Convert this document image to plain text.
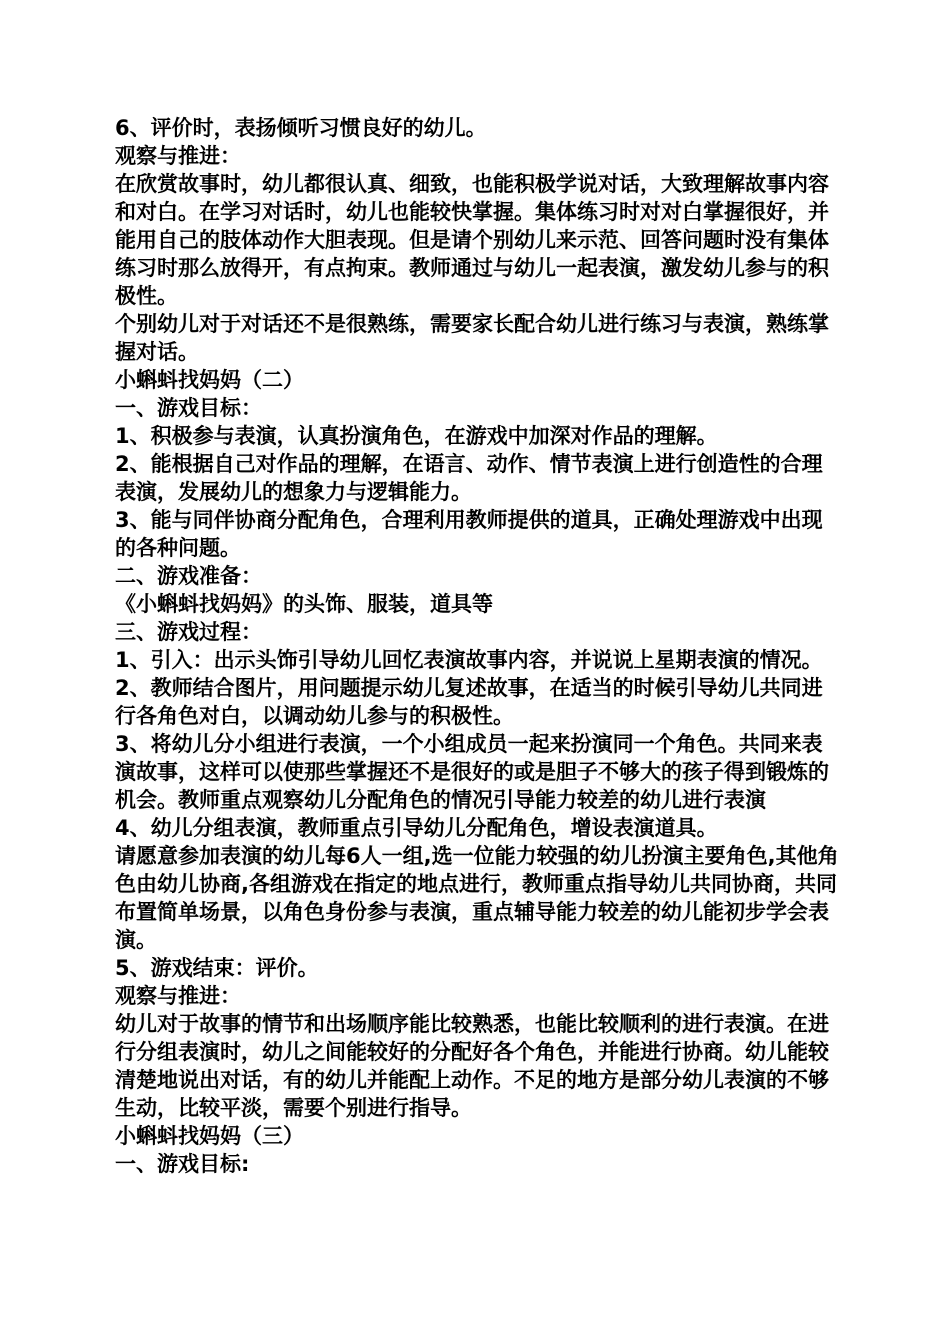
6、评价时，表扬倾听习惯良好的幼儿。

观察与推进：

在欣赏故事时，幼儿都很认真、细致，也能积极学说对话，大致理解故事内容和对白。在学习对话时，幼儿也能较快掌握。集体练习时对对白掌握很好，并能用自己的肢体动作大胆表现。但是请个别幼儿来示范、回答问题时没有集体练习时那么放得开，有点拘束。教师通过与幼儿一起表演，激发幼儿参与的积极性。

个别幼儿对于对话还不是很熟练，需要家长配合幼儿进行练习与表演，熟练掌握对话。

小蝌蚪找妈妈（二）

一、游戏目标：

1、积极参与表演，认真扮演角色，在游戏中加深对作品的理解。

2、能根据自己对作品的理解，在语言、动作、情节表演上进行创造性的合理表演，发展幼儿的想象力与逻辑能力。

3、能与同伴协商分配角色，合理利用教师提供的道具，正确处理游戏中出现的各种问题。

二、游戏准备：

《小蝌蚪找妈妈》的头饰、服装，道具等

三、游戏过程：

1、引入：出示头饰引导幼儿回忆表演故事内容，并说说上星期表演的情况。

2、教师结合图片，用问题提示幼儿复述故事，在适当的时候引导幼儿共同进行各角色对白，以调动幼儿参与的积极性。

3、将幼儿分小组进行表演，一个小组成员一起来扮演同一个角色。共同来表演故事，这样可以使那些掌握还不是很好的或是胆子不够大的孩子得到锻炼的机会。教师重点观察幼儿分配角色的情况引导能力较差的幼儿进行表演

4、幼儿分组表演，教师重点引导幼儿分配角色，增设表演道具。

请愿意参加表演的幼儿每6人一组,选一位能力较强的幼儿扮演主要角色,其他角色由幼儿协商,各组游戏在指定的地点进行，教师重点指导幼儿共同协商，共同布置简单场景，以角色身份参与表演，重点辅导能力较差的幼儿能初步学会表演。

5、游戏结束：评价。

观察与推进：

幼儿对于故事的情节和出场顺序能比较熟悉，也能比较顺利的进行表演。在进行分组表演时，幼儿之间能较好的分配好各个角色，并能进行协商。幼儿能较清楚地说出对话，有的幼儿并能配上动作。不足的地方是部分幼儿表演的不够生动，比较平淡，需要个别进行指导。

小蝌蚪找妈妈（三）

一、游戏目标:
